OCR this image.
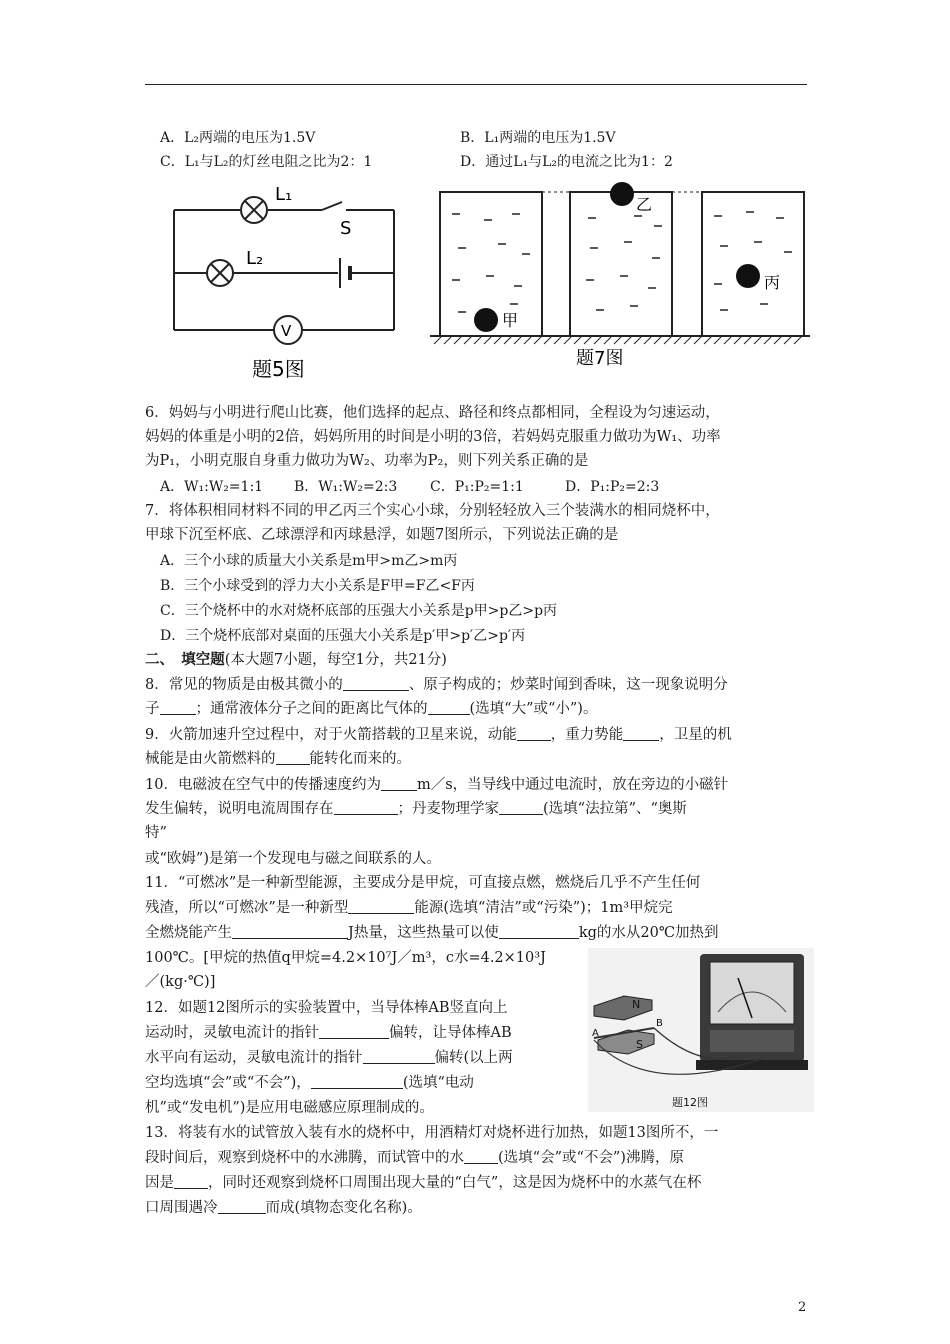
A．L₂两端的电压为1.5V	B．L₁两端的电压为1.5V
C．L₁与L₂的灯丝电阻之比为2：1	D．通过L₁与L₂的电流之比为1：2
L₁
S
L₂
V
题5图
甲
乙
丙
题7图
6．妈妈与小明进行爬山比赛，他们选择的起点、路径和终点都相同，全程设为匀速运动，
妈妈的体重是小明的2倍，妈妈所用的时间是小明的3倍，若妈妈克服重力做功为W₁、功率
为P₁，小明克服自身重力做功为W₂、功率为P₂，则下列关系正确的是
A．W₁:W₂=1:1 B．W₁:W₂=2:3 C．P₁:P₂=1:1	D．P₁:P₂=2:3
7．将体积相同材料不同的甲乙丙三个实心小球，分别轻轻放入三个装满水的相同烧杯中，
甲球下沉至杯底、乙球漂浮和丙球悬浮，如题7图所示，下列说法正确的是
A．三个小球的质量大小关系是m甲>m乙>m丙
B．三个小球受到的浮力大小关系是F甲=F乙<F丙
C．三个烧杯中的水对烧杯底部的压强大小关系是p甲>p乙>p丙
D．三个烧杯底部对桌面的压强大小关系是p′甲>p′乙>p′丙
二、　填空题(本大题7小题，每空1分，共21分)
8．常见的物质是由极其微小的	、原子构成的；炒菜时闻到香味，这一现象说明分
子 ；通常液体分子之间的距离比气体的	(选填“大”或“小”)。
9．火箭加速升空过程中，对于火箭搭载的卫星来说，动能 ，重力势能 ，卫星的机
械能是由火箭燃料的 能转化而来的。
10．电磁波在空气中的传播速度约为 m／s，当导线中通过电流时，放在旁边的小磁针
发生偏转，说明电流周围存在	；丹麦物理学家	(选填“法拉第”、“奥斯
特”
或“欧姆”)是第一个发现电与磁之间联系的人。
11．“可燃冰”是一种新型能源，主要成分是甲烷，可直接点燃，燃烧后几乎不产生任何
残渣，所以“可燃冰”是一种新型	能源(选填“清洁”或“污染”)；1m³甲烷完
全燃烧能产生	J热量，这些热量可以使	kg的水从20℃加热到
100℃。[甲烷的热值q甲烷=4.2×10⁷J／m³，c水=4.2×10³J
／(kg·℃)]
12．如题12图所示的实验装置中，当导体棒AB竖直向上
运动时，灵敏电流计的指针	偏转，让导体棒AB
水平向有运动，灵敏电流计的指针	偏转(以上两
空均选填“会”或“不会”)，	(选填“电动
机”或“发电机”)是应用电磁感应原理制成的。
N
S
A
B
题12图
13．将装有水的试管放入装有水的烧杯中，用酒精灯对烧杯进行加热，如题13图所不，一
段时间后，观察到烧杯中的水沸腾，而试管中的水 (选填“会”或“不会”)沸腾，原
因是 ，同时还观察到烧杯口周围出现大量的“白气”，这是因为烧杯中的水蒸气在杯
口周围遇冷	而成(填物态变化名称)。
2
